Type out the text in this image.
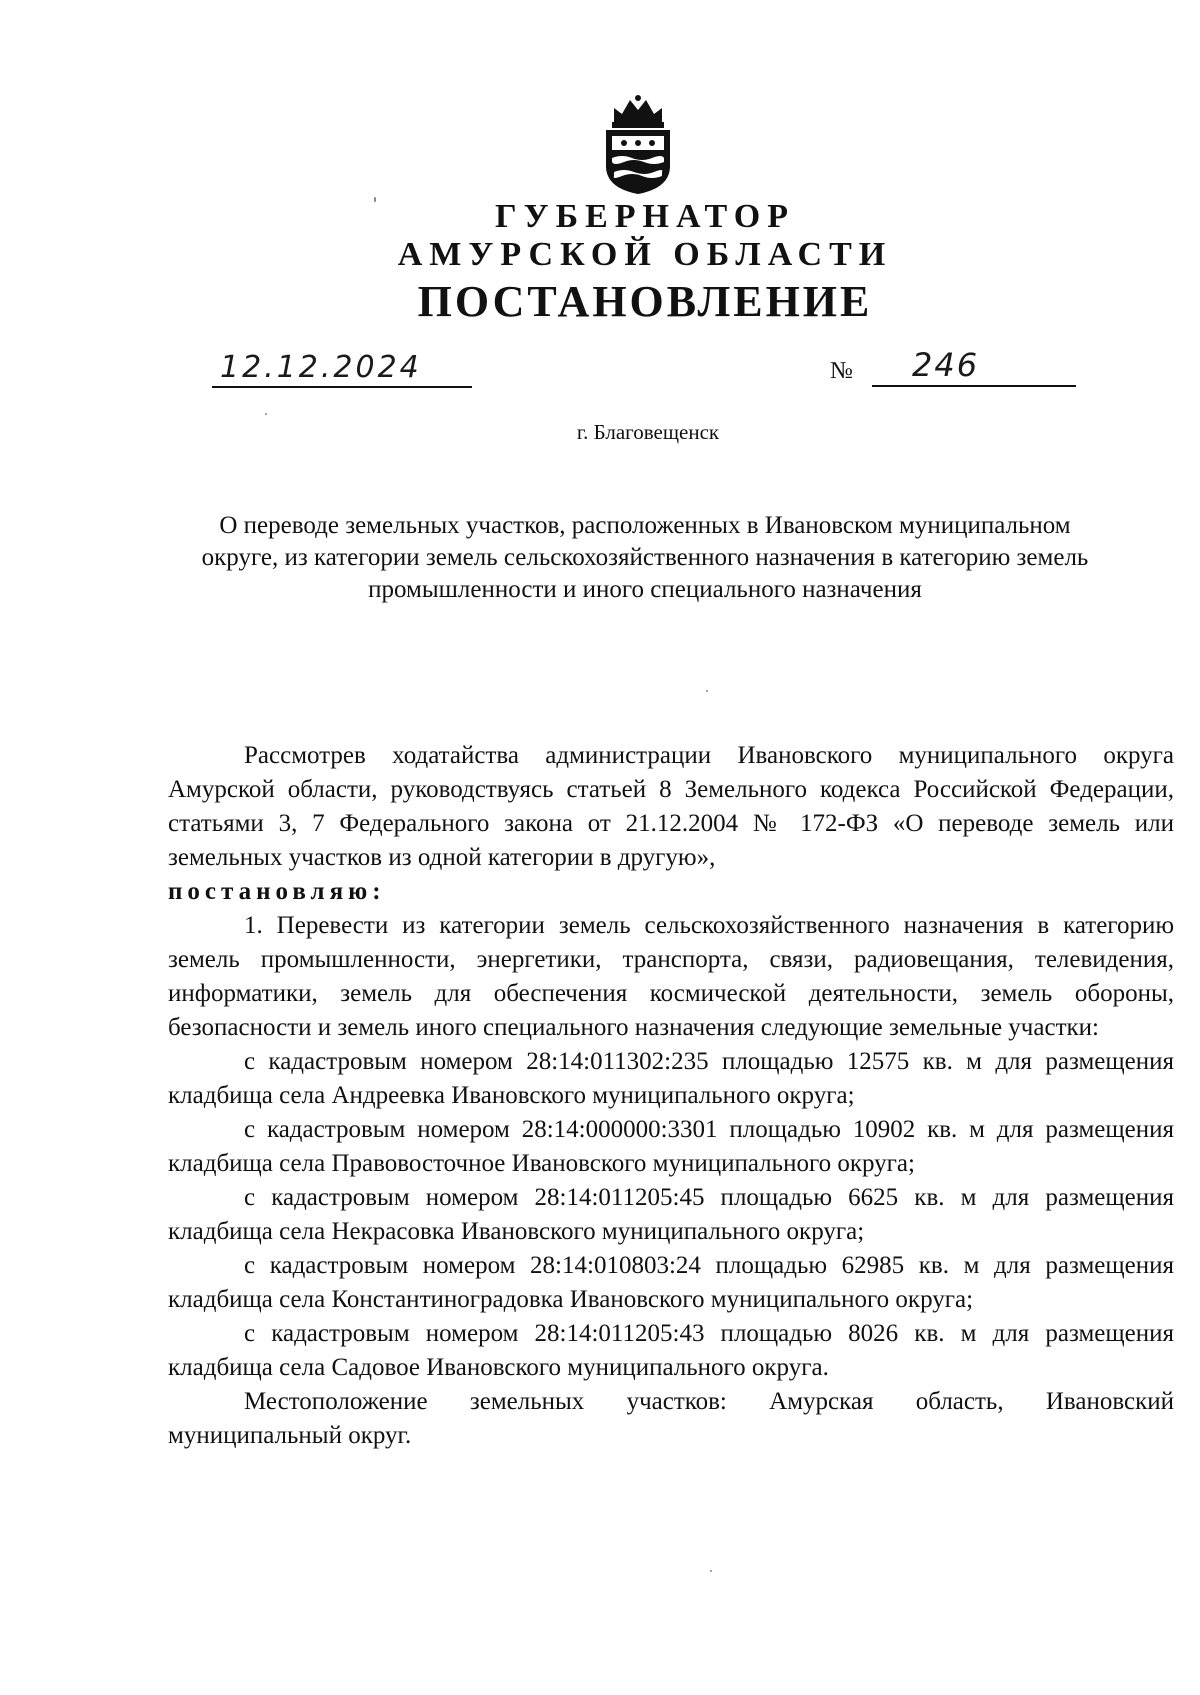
ГУБЕРНАТОР
АМУРСКОЙ ОБЛАСТИ
ПОСТАНОВЛЕНИЕ
12.12.2024	№ 246
г. Благовещенск
О переводе земельных участков, расположенных в Ивановском муниципальном округе, из категории земель сельскохозяйственного назначения в категорию земель промышленности и иного специального назначения

Рассмотрев ходатайства администрации Ивановского муниципального округа Амурской области, руководствуясь статьей 8 Земельного кодекса Российской Федерации, статьями 3, 7 Федерального закона от 21.12.2004 № 172-ФЗ «О переводе земель или земельных участков из одной категории в другую»,

постановляю:

1. Перевести из категории земель сельскохозяйственного назначения в категорию земель промышленности, энергетики, транспорта, связи, радиовещания, телевидения, информатики, земель для обеспечения космической деятельности, земель обороны, безопасности и земель иного специального назначения следующие земельные участки:

с кадастровым номером 28:14:011302:235 площадью 12575 кв. м для размещения кладбища села Андреевка Ивановского муниципального округа;

с кадастровым номером 28:14:000000:3301 площадью 10902 кв. м для размещения кладбища села Правовосточное Ивановского муниципального округа;

с кадастровым номером 28:14:011205:45 площадью 6625 кв. м для размещения кладбища села Некрасовка Ивановского муниципального округа;

с кадастровым номером 28:14:010803:24 площадью 62985 кв. м для размещения кладбища села Константиноградовка Ивановского муниципального округа;

с кадастровым номером 28:14:011205:43 площадью 8026 кв. м для размещения кладбища села Садовое Ивановского муниципального округа.

Местоположение земельных участков: Амурская область, Ивановский муниципальный округ.
